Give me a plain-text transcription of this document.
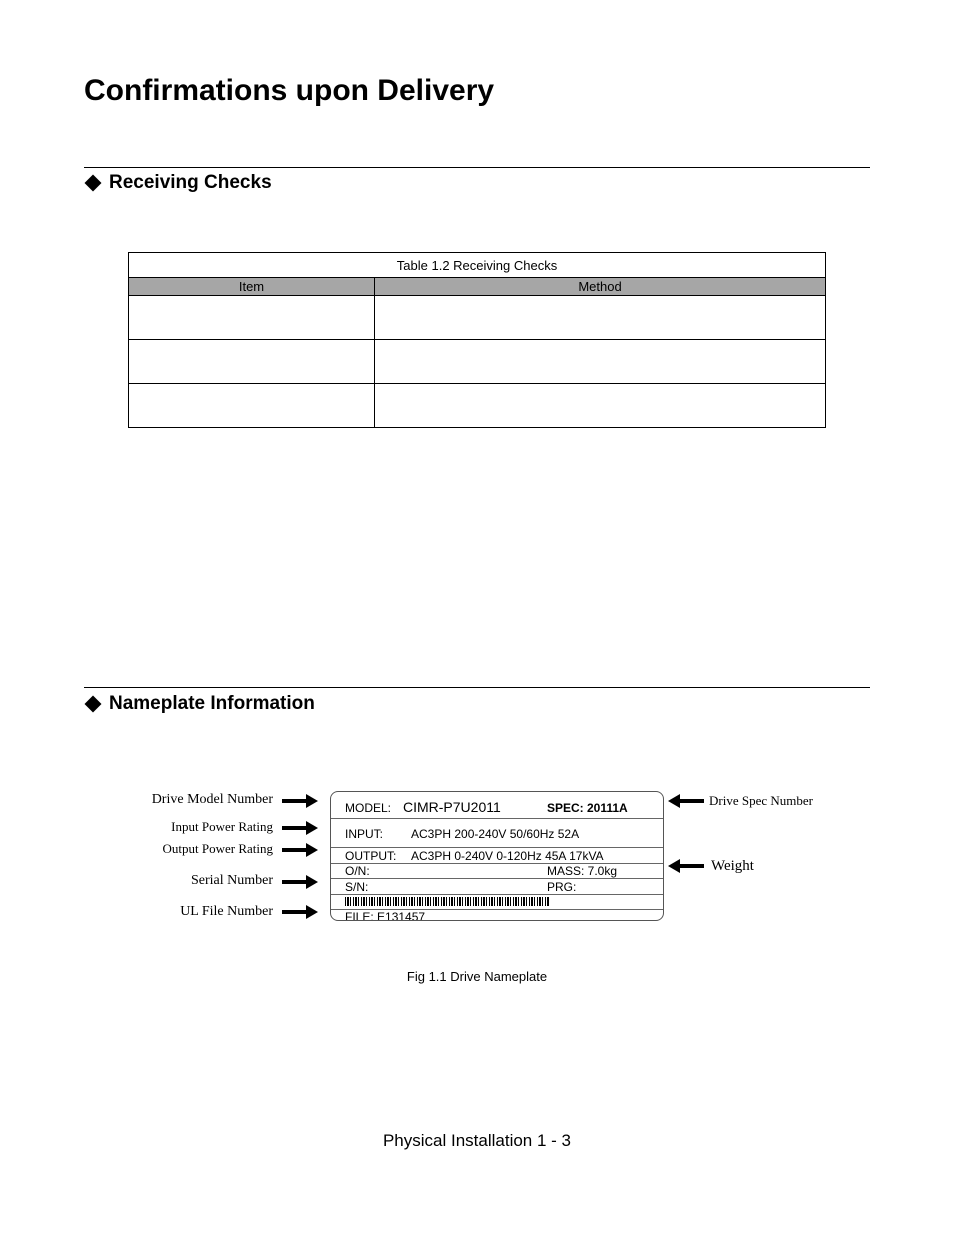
Confirmations upon Delivery
Receiving Checks
Table 1.2 Receiving Checks	
Item	Method

Nameplate Information
Drive Model Number
Input Power Rating
Output Power Rating
Serial Number
UL File Number
MODEL: CIMR-P7U2011	SPEC: 20111A
INPUT: AC3PH 200-240V 50/60Hz 52A
OUTPUT: AC3PH 0-240V 0-120Hz 45A 17kVA
O/N:	MASS: 7.0kg
S/N:	PRG:
FILE: E131457
Drive Spec Number
Weight
Fig 1.1 Drive Nameplate
Physical Installation 1 - 3
